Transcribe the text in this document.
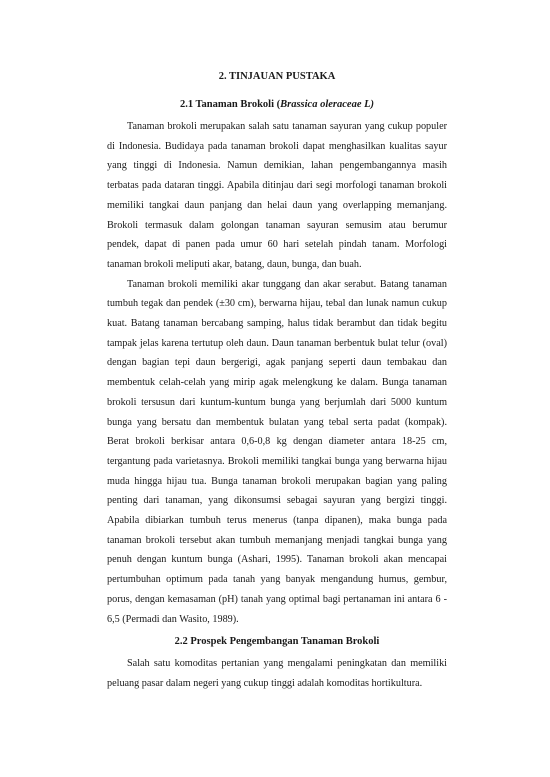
2. TINJAUAN PUSTAKA
2.1 Tanaman Brokoli (Brassica oleraceae L)

Tanaman brokoli merupakan salah satu tanaman sayuran yang cukup populer di Indonesia. Budidaya pada tanaman brokoli dapat menghasilkan kualitas sayur yang tinggi di Indonesia. Namun demikian, lahan pengembangannya masih terbatas pada dataran tinggi. Apabila ditinjau dari segi morfologi tanaman brokoli memiliki tangkai daun panjang dan helai daun yang overlapping memanjang. Brokoli termasuk dalam golongan tanaman sayuran semusim atau berumur pendek, dapat di panen pada umur 60 hari setelah pindah tanam. Morfologi tanaman brokoli meliputi akar, batang, daun, bunga, dan buah.

Tanaman brokoli memiliki akar tunggang dan akar serabut. Batang tanaman tumbuh tegak dan pendek (±30 cm), berwarna hijau, tebal dan lunak namun cukup kuat. Batang tanaman bercabang samping, halus tidak berambut dan tidak begitu tampak jelas karena tertutup oleh daun. Daun tanaman berbentuk bulat telur (oval) dengan bagian tepi daun bergerigi, agak panjang seperti daun tembakau dan membentuk celah-celah yang mirip agak melengkung ke dalam. Bunga tanaman brokoli tersusun dari kuntum-kuntum bunga yang berjumlah dari 5000 kuntum bunga yang bersatu dan membentuk bulatan yang tebal serta padat (kompak). Berat brokoli berkisar antara 0,6-0,8 kg dengan diameter antara 18-25 cm, tergantung pada varietasnya. Brokoli memiliki tangkai bunga yang berwarna hijau muda hingga hijau tua. Bunga tanaman brokoli merupakan bagian yang paling penting dari tanaman, yang dikonsumsi sebagai sayuran yang bergizi tinggi. Apabila dibiarkan tumbuh terus menerus (tanpa dipanen), maka bunga pada tanaman brokoli tersebut akan tumbuh memanjang menjadi tangkai bunga yang penuh dengan kuntum bunga (Ashari, 1995). Tanaman brokoli akan mencapai pertumbuhan optimum pada tanah yang banyak mengandung humus, gembur, porus, dengan kemasaman (pH) tanah yang optimal bagi pertanaman ini antara 6 - 6,5 (Permadi dan Wasito, 1989).

2.2 Prospek Pengembangan Tanaman Brokoli

Salah satu komoditas pertanian yang mengalami peningkatan dan memiliki peluang pasar dalam negeri yang cukup tinggi adalah komoditas hortikultura.
